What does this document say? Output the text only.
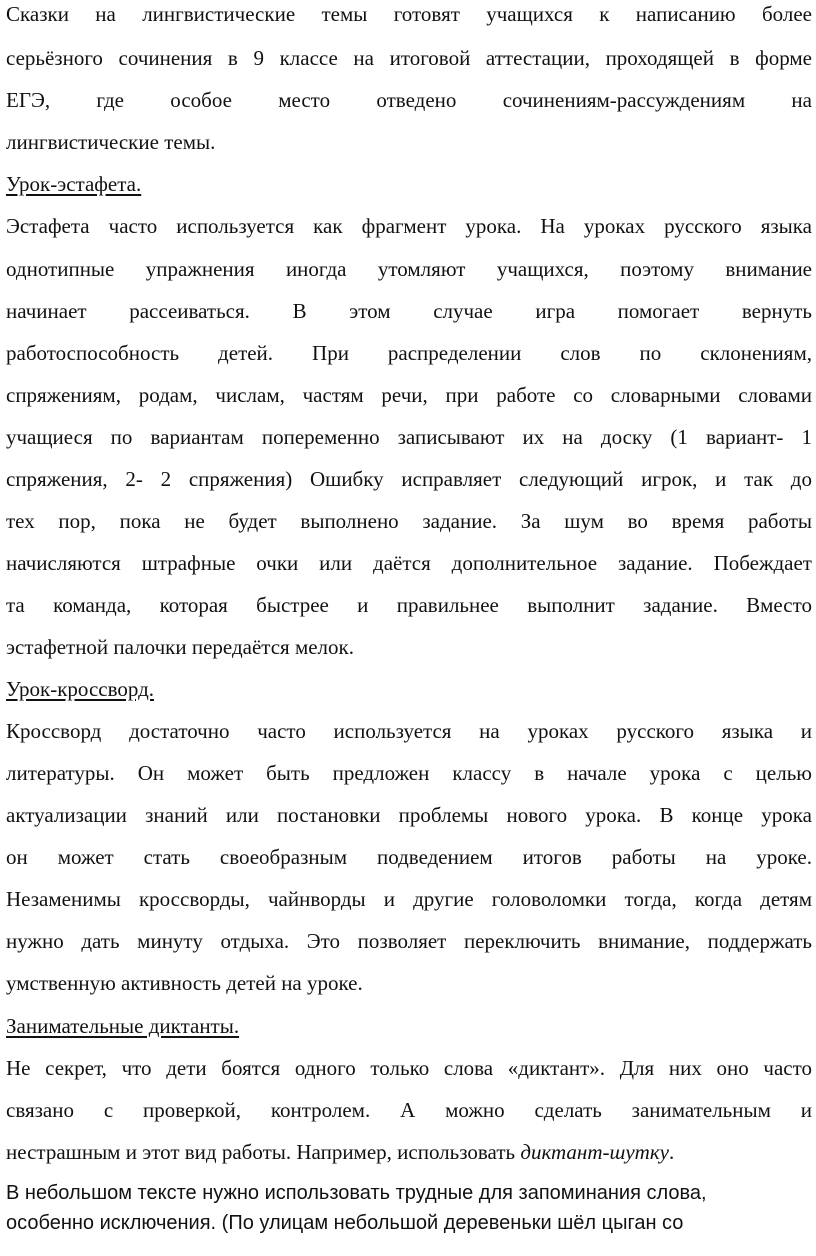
Сказки на лингвистические темы готовят учащихся к написанию более
серьёзного сочинения в 9 классе на итоговой аттестации, проходящей в форме
ЕГЭ, где особое место отведено сочинениям-рассуждениям на
лингвистические темы.
Урок-эстафета.
Эстафета часто используется как фрагмент урока. На уроках русского языка
однотипные упражнения иногда утомляют учащихся, поэтому внимание
начинает рассеиваться. В этом случае игра помогает вернуть
работоспособность детей. При распределении слов по склонениям,
спряжениям, родам, числам, частям речи, при работе со словарными словами
учащиеся по вариантам попеременно записывают их на доску (1 вариант- 1
спряжения, 2- 2 спряжения) Ошибку исправляет следующий игрок, и так до
тех пор, пока не будет выполнено задание. За шум во время работы
начисляются штрафные очки или даётся дополнительное задание. Побеждает
та команда, которая быстрее и правильнее выполнит задание. Вместо
эстафетной палочки передаётся мелок.
Урок-кроссворд.
Кроссворд достаточно часто используется на уроках русского языка и
литературы. Он может быть предложен классу в начале урока с целью
актуализации знаний или постановки проблемы нового урока. В конце урока
он может стать своеобразным подведением итогов работы на уроке.
Незаменимы кроссворды, чайнворды и другие головоломки тогда, когда детям
нужно дать минуту отдыха. Это позволяет переключить внимание, поддержать
умственную активность детей на уроке.
Занимательные диктанты.
Не секрет, что дети боятся одного только слова «диктант». Для них оно часто
связано с проверкой, контролем. А можно сделать занимательным и
нестрашным и этот вид работы. Например, использовать диктант-шутку.
В небольшом тексте нужно использовать трудные для запоминания слова,
особенно исключения. (По улицам небольшой деревеньки шёл цыган со
